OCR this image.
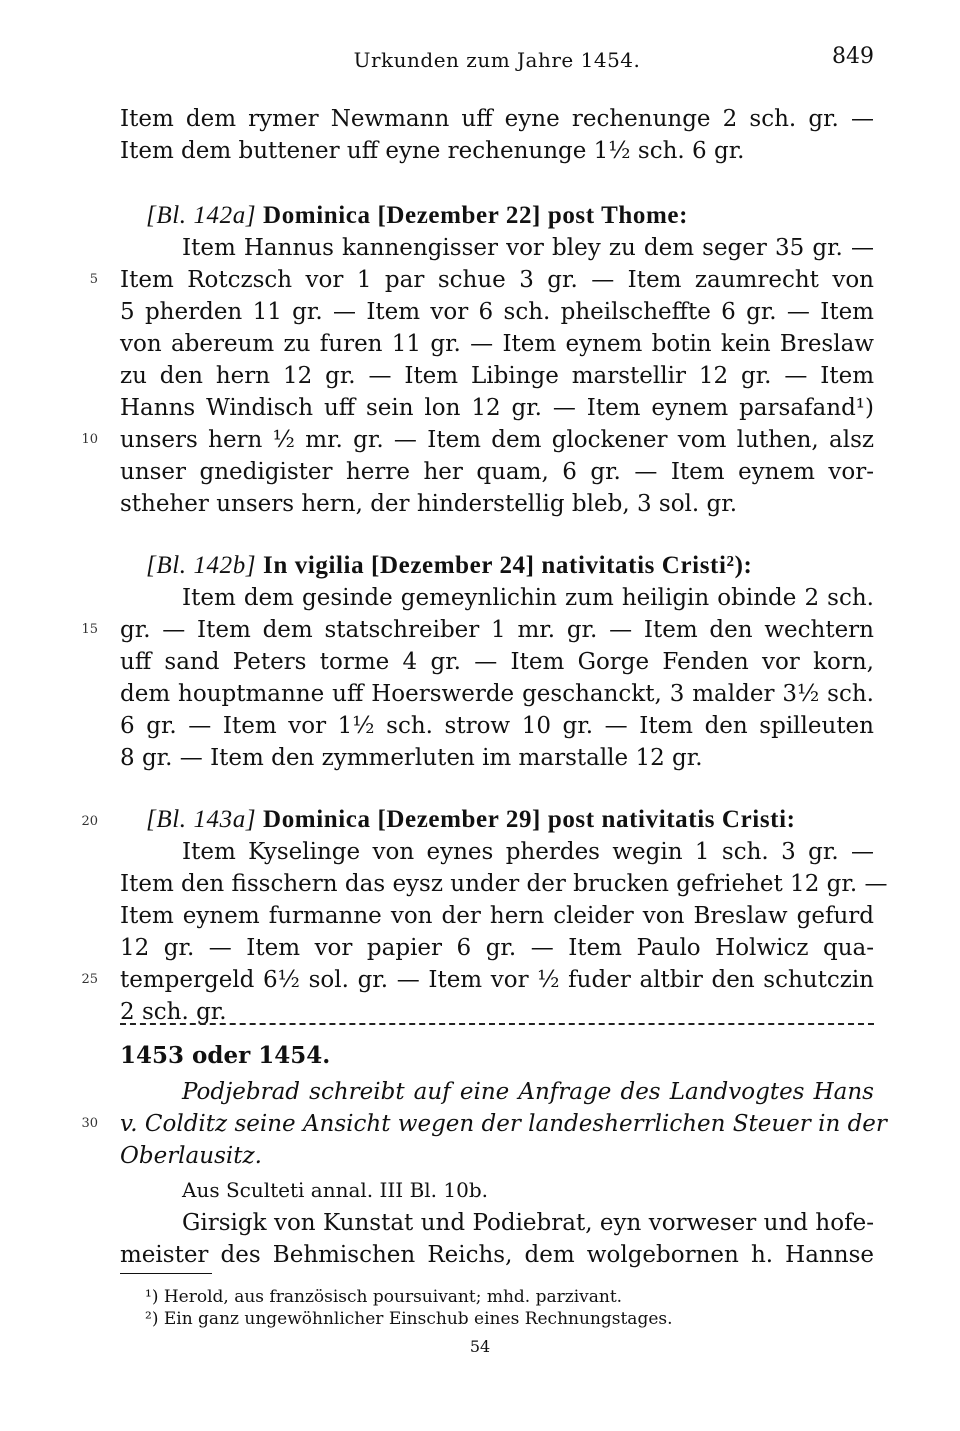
Urkunden zum Jahre 1454.	849
Item dem rymer Newmann uff eyne rechenunge 2 sch. gr. —
Item dem buttener uff eyne rechenunge 1½ sch. 6 gr.
[Bl. 142a] Dominica [Dezember 22] post Thome:
Item Hannus kannengisser vor bley zu dem seger 35 gr. —
5 Item Rotczsch vor 1 par schue 3 gr. — Item zaumrecht von
5 pherden 11 gr. — Item vor 6 sch. pheilscheffte 6 gr. — Item
von abereum zu furen 11 gr. — Item eynem botin kein Breslaw
zu den hern 12 gr. — Item Libinge marstellir 12 gr. — Item
Hanns Windisch uff sein lon 12 gr. — Item eynem parsafand¹)
10 unsers hern ½ mr. gr. — Item dem glockener vom luthen, alsz
unser gnedigister herre her quam, 6 gr. — Item eynem vor-
stheher unsers hern, der hinderstellig bleb, 3 sol. gr.
[Bl. 142b] In vigilia [Dezember 24] nativitatis Cristi²):
Item dem gesinde gemeynlichin zum heiligin obinde 2 sch.
15 gr. — Item dem statschreiber 1 mr. gr. — Item den wechtern
uff sand Peters torme 4 gr. — Item Gorge Fenden vor korn,
dem houptmanne uff Hoerswerde geschanckt, 3 malder 3½ sch.
6 gr. — Item vor 1½ sch. strow 10 gr. — Item den spilleuten
8 gr. — Item den zymmerluten im marstalle 12 gr.
20 [Bl. 143a] Dominica [Dezember 29] post nativitatis Cristi:
Item Kyselinge von eynes pherdes wegin 1 sch. 3 gr. —
Item den fisschern das eysz under der brucken gefriehet 12 gr. —
Item eynem furmanne von der hern cleider von Breslaw gefurd
12 gr. — Item vor papier 6 gr. — Item Paulo Holwicz qua-
25 tempergeld 6½ sol. gr. — Item vor ½ fuder altbir den schutczin
2 sch. gr.
1453 oder 1454.
Podjebrad schreibt auf eine Anfrage des Landvogtes Hans
30 v. Colditz seine Ansicht wegen der landesherrlichen Steuer in der
Oberlausitz.
Aus Sculteti annal. III Bl. 10b.
Girsigk von Kunstat und Podiebrat, eyn vorweser und hofe-
meister des Behmischen Reichs, dem wolgebornen h. Hannse
¹) Herold, aus französisch poursuivant; mhd. parzivant.
²) Ein ganz ungewöhnlicher Einschub eines Rechnungstages.
54
